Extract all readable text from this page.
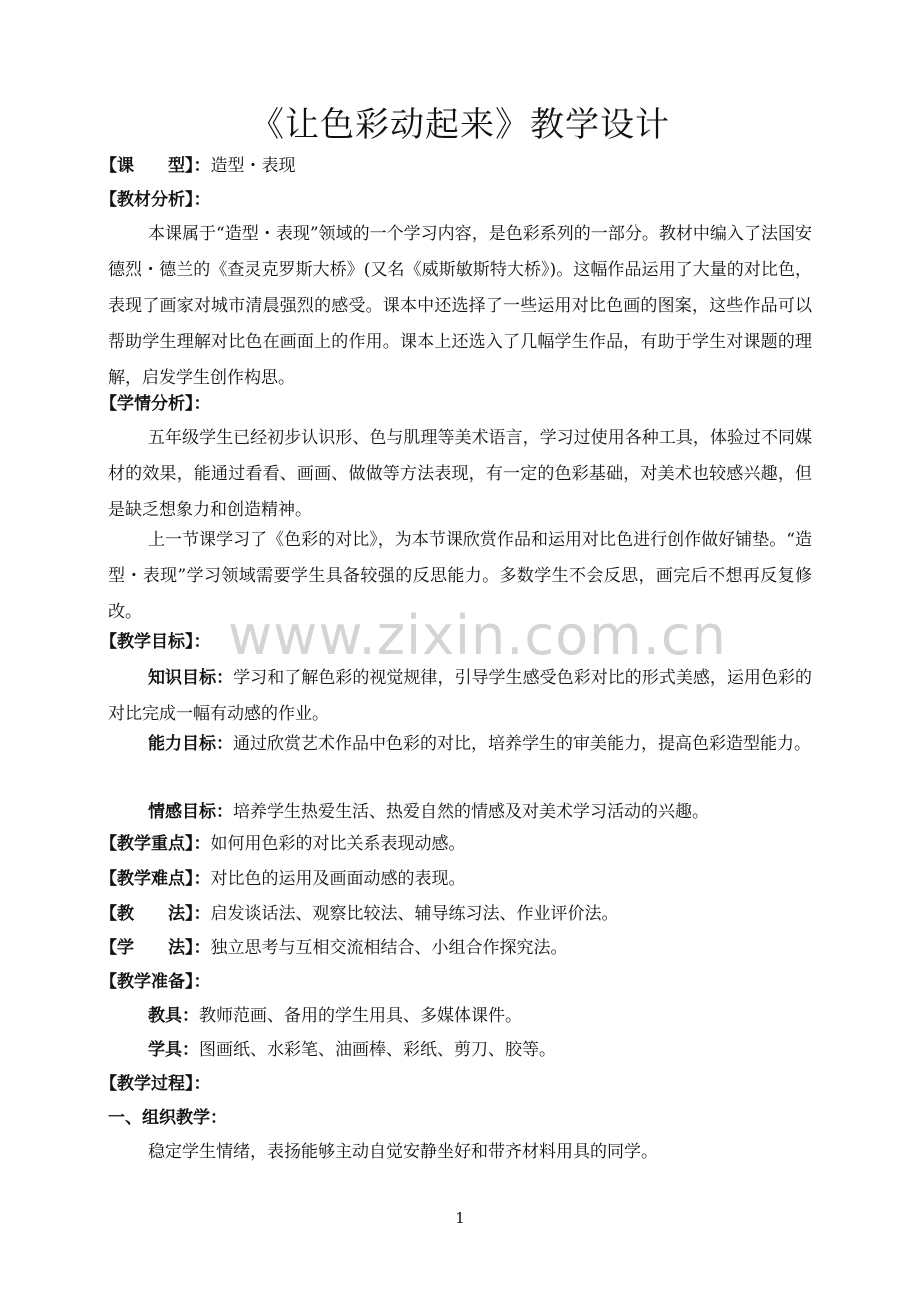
《让色彩动起来》教学设计
【课　　型】：造型・表现
【教材分析】：
本课属于“造型・表现”领域的一个学习内容，是色彩系列的一部分。教材中编入了法国安德烈・德兰的《查灵克罗斯大桥》(又名《威斯敏斯特大桥》)。这幅作品运用了大量的对比色，表现了画家对城市清晨强烈的感受。课本中还选择了一些运用对比色画的图案，这些作品可以帮助学生理解对比色在画面上的作用。课本上还选入了几幅学生作品，有助于学生对课题的理解，启发学生创作构思。
【学情分析】：
五年级学生已经初步认识形、色与肌理等美术语言，学习过使用各种工具，体验过不同媒材的效果，能通过看看、画画、做做等方法表现，有一定的色彩基础，对美术也较感兴趣，但是缺乏想象力和创造精神。
上一节课学习了《色彩的对比》，为本节课欣赏作品和运用对比色进行创作做好铺垫。“造型・表现”学习领域需要学生具备较强的反思能力。多数学生不会反思，画完后不想再反复修改。
【教学目标】：
知识目标：学习和了解色彩的视觉规律，引导学生感受色彩对比的形式美感，运用色彩的对比完成一幅有动感的作业。
能力目标：通过欣赏艺术作品中色彩的对比，培养学生的审美能力，提高色彩造型能力。
情感目标：培养学生热爱生活、热爱自然的情感及对美术学习活动的兴趣。
【教学重点】：如何用色彩的对比关系表现动感。
【教学难点】：对比色的运用及画面动感的表现。
【教　　法】：启发谈话法、观察比较法、辅导练习法、作业评价法。
【学　　法】：独立思考与互相交流相结合、小组合作探究法。
【教学准备】：
教具：教师范画、备用的学生用具、多媒体课件。
学具：图画纸、水彩笔、油画棒、彩纸、剪刀、胶等。
【教学过程】：
一、组织教学：
稳定学生情绪，表扬能够主动自觉安静坐好和带齐材料用具的同学。
www.zixin.com.cn
1
